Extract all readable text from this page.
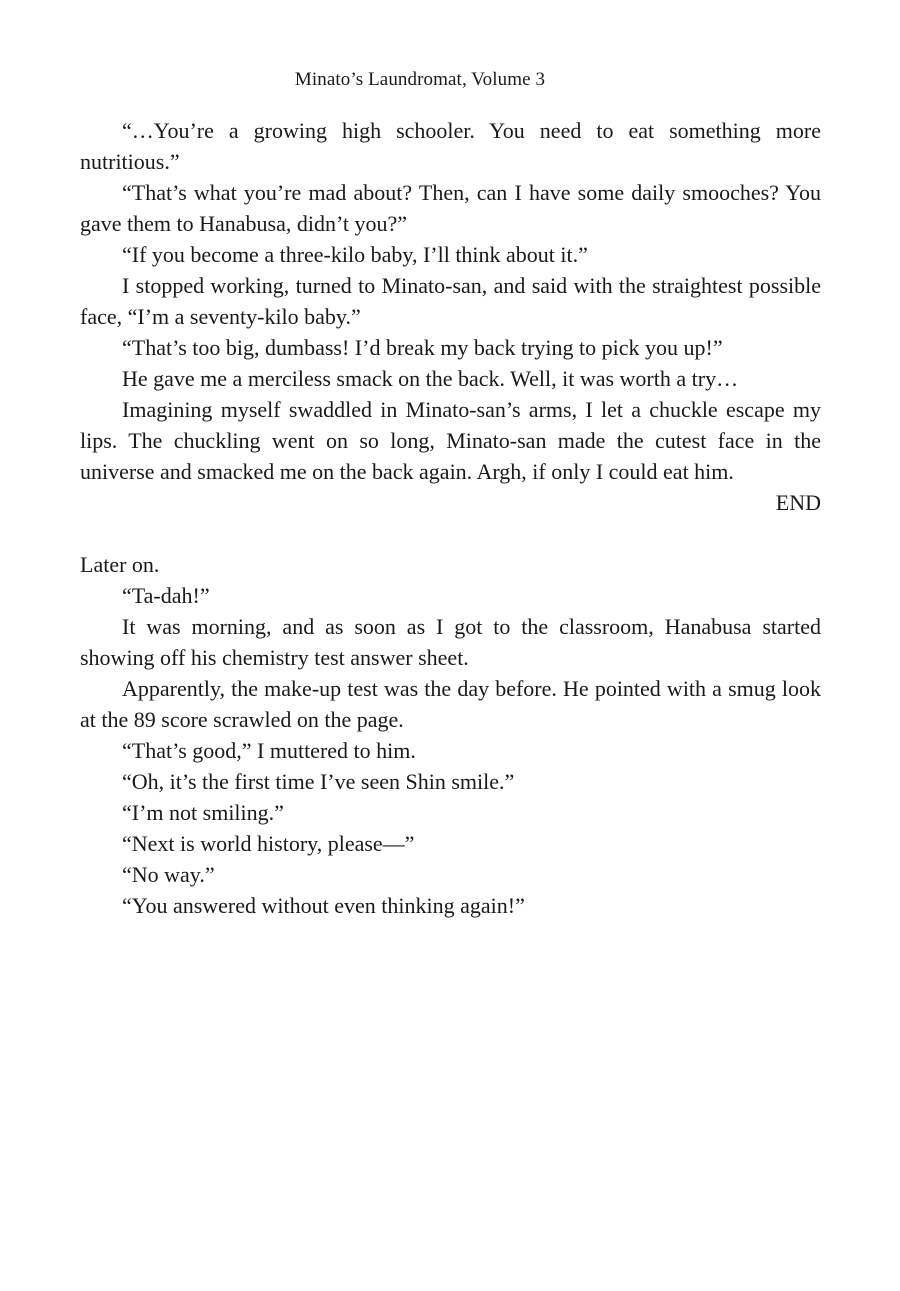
Minato’s Laundromat, Volume 3

“…You’re a growing high schooler. You need to eat something more nutritious.”

“That’s what you’re mad about? Then, can I have some daily smooches? You gave them to Hanabusa, didn’t you?”

“If you become a three-kilo baby, I’ll think about it.”

I stopped working, turned to Minato-san, and said with the straightest possible face, “I’m a seventy-kilo baby.”

“That’s too big, dumbass! I’d break my back trying to pick you up!”

He gave me a merciless smack on the back. Well, it was worth a try…

Imagining myself swaddled in Minato-san’s arms, I let a chuckle escape my lips. The chuckling went on so long, Minato-san made the cutest face in the universe and smacked me on the back again. Argh, if only I could eat him.

END

Later on.

“Ta-dah!”

It was morning, and as soon as I got to the classroom, Hanabusa started showing off his chemistry test answer sheet.

Apparently, the make-up test was the day before. He pointed with a smug look at the 89 score scrawled on the page.

“That’s good,” I muttered to him.

“Oh, it’s the first time I’ve seen Shin smile.”

“I’m not smiling.”

“Next is world history, please—”

“No way.”

“You answered without even thinking again!”
